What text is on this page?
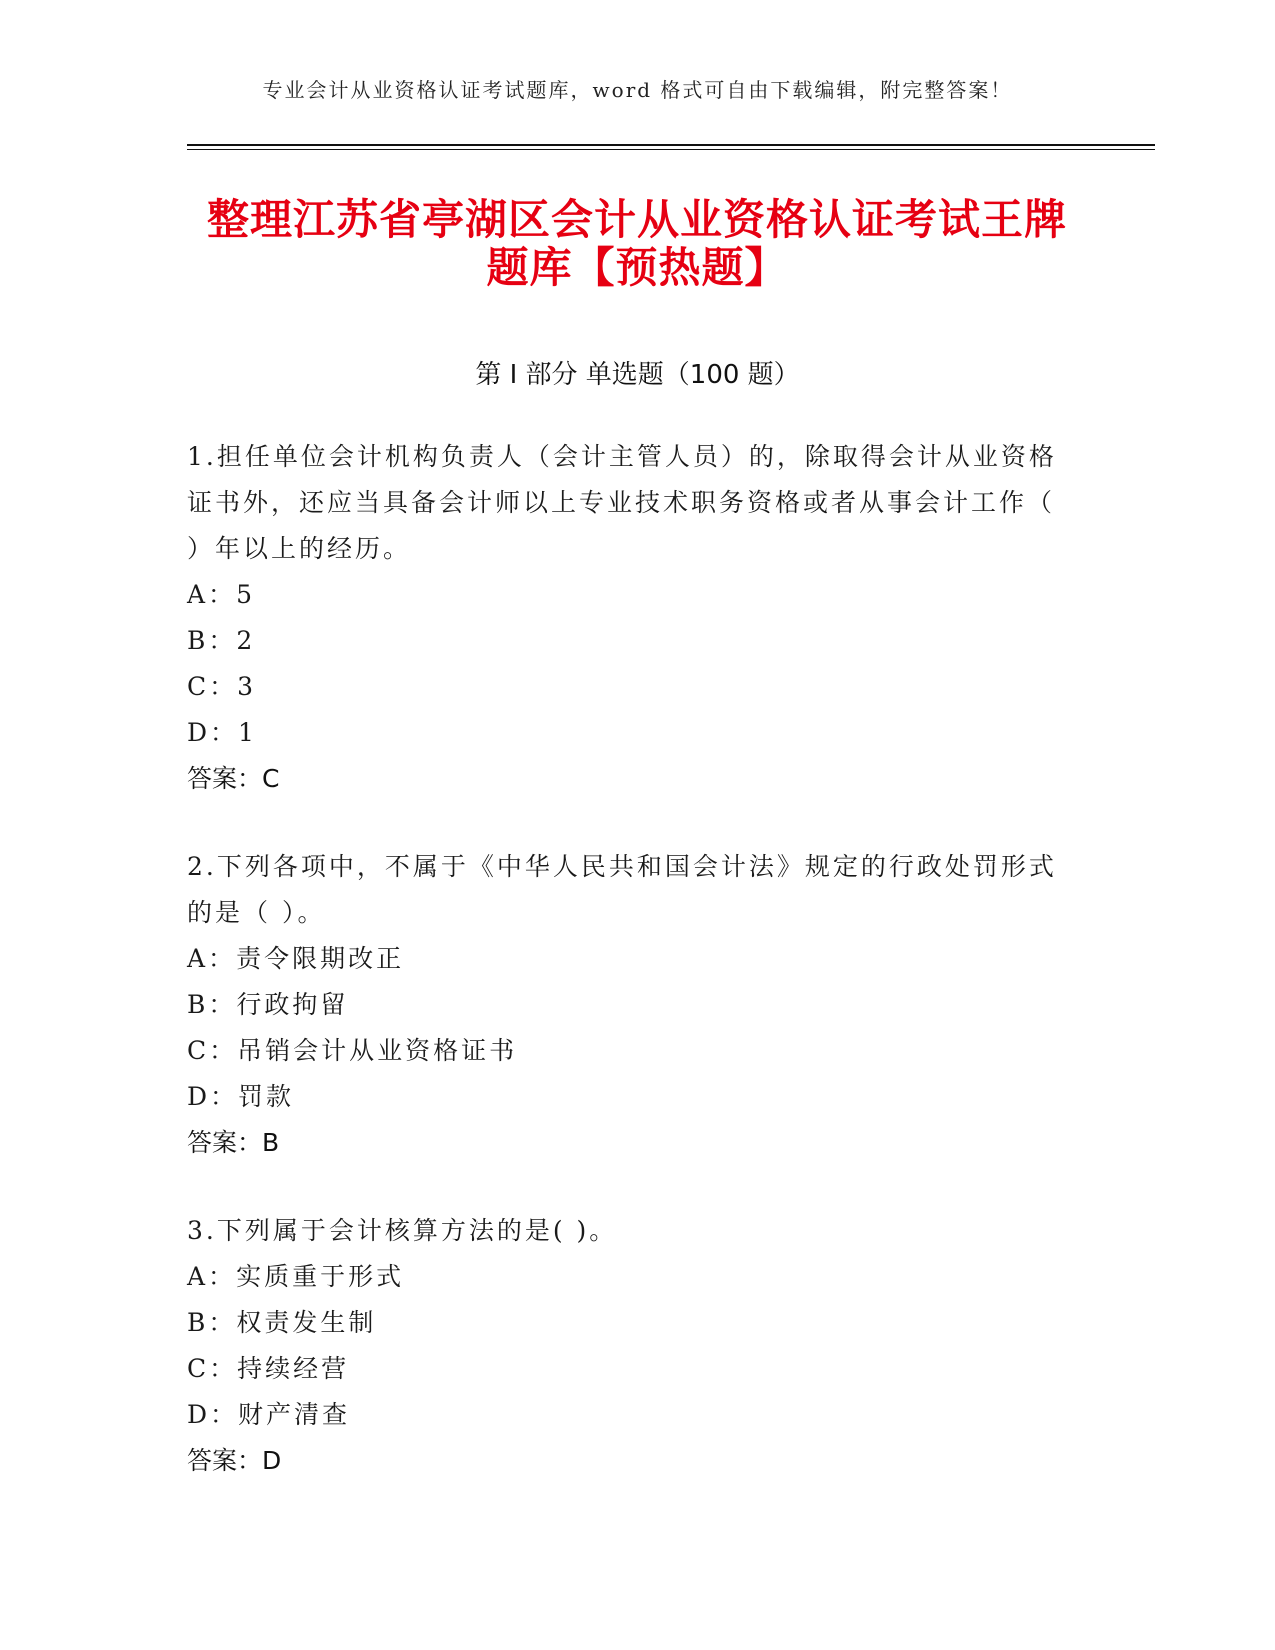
专业会计从业资格认证考试题库，word 格式可自由下载编辑，附完整答案！
整理江苏省亭湖区会计从业资格认证考试王牌题库【预热题】
第 I 部分 单选题（100 题）

1.担任单位会计机构负责人（会计主管人员）的，除取得会计从业资格证书外，还应当具备会计师以上专业技术职务资格或者从事会计工作（ ）年以上的经历。

A：5

B：2

C：3

D：1

答案：C

2.下列各项中，不属于《中华人民共和国会计法》规定的行政处罚形式的是（ ）。

A：责令限期改正

B：行政拘留

C：吊销会计从业资格证书

D：罚款

答案：B

3.下列属于会计核算方法的是( )。

A：实质重于形式

B：权责发生制

C：持续经营

D：财产清查

答案：D
